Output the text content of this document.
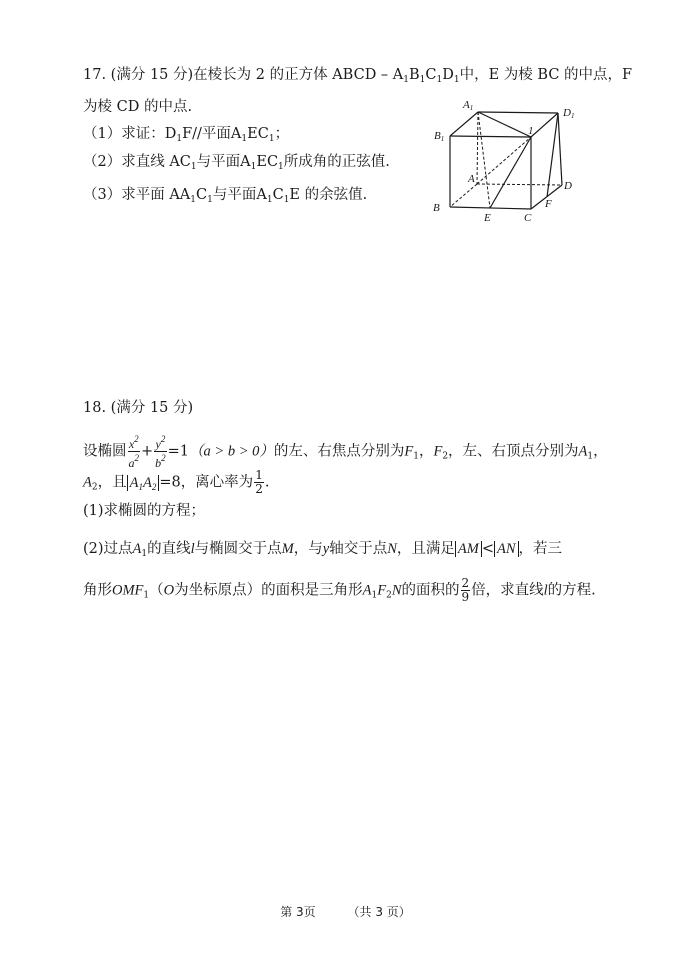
17. (满分 15 分)在棱长为 2 的正方体 ABCD – $A_1B_1C_1D_1$中，E 为棱 BC 的中点，F
为棱 CD 的中点.
（1）求证：$D_1F//$平面$A_1EC_1$；
（2）求直线 $AC_1$与平面$A_1EC_1$所成角的正弦值.
（3）求平面 $AA_1C_1$与平面$A_1C_1E$ 的余弦值.
A1	D1
B1
1
B
E	C
F
D
A
18. (满分 15 分)
设椭圆 $\frac{x^2}{a^2} + \frac{y^2}{b^2} =1(a > b > 0)$的左、右焦点分别为$F_1$，$F_2$，左、右顶点分别为$A_1$，
$A_2$，且 $A_1A_2 =8$，离心率为 $\frac{1}{2}$ .
(1)求椭圆的方程；
(2)过点$A_1$的直线l与椭圆交于点M，与y轴交于点N，且满足 AM < AN ，若三
角形$OMF_1(O$为坐标原点）的面积是三角形$A_1F_2N$的面积的 $\frac{2}{9}$ 倍，求直线l的方程.
第 3页	（共 3 页）
